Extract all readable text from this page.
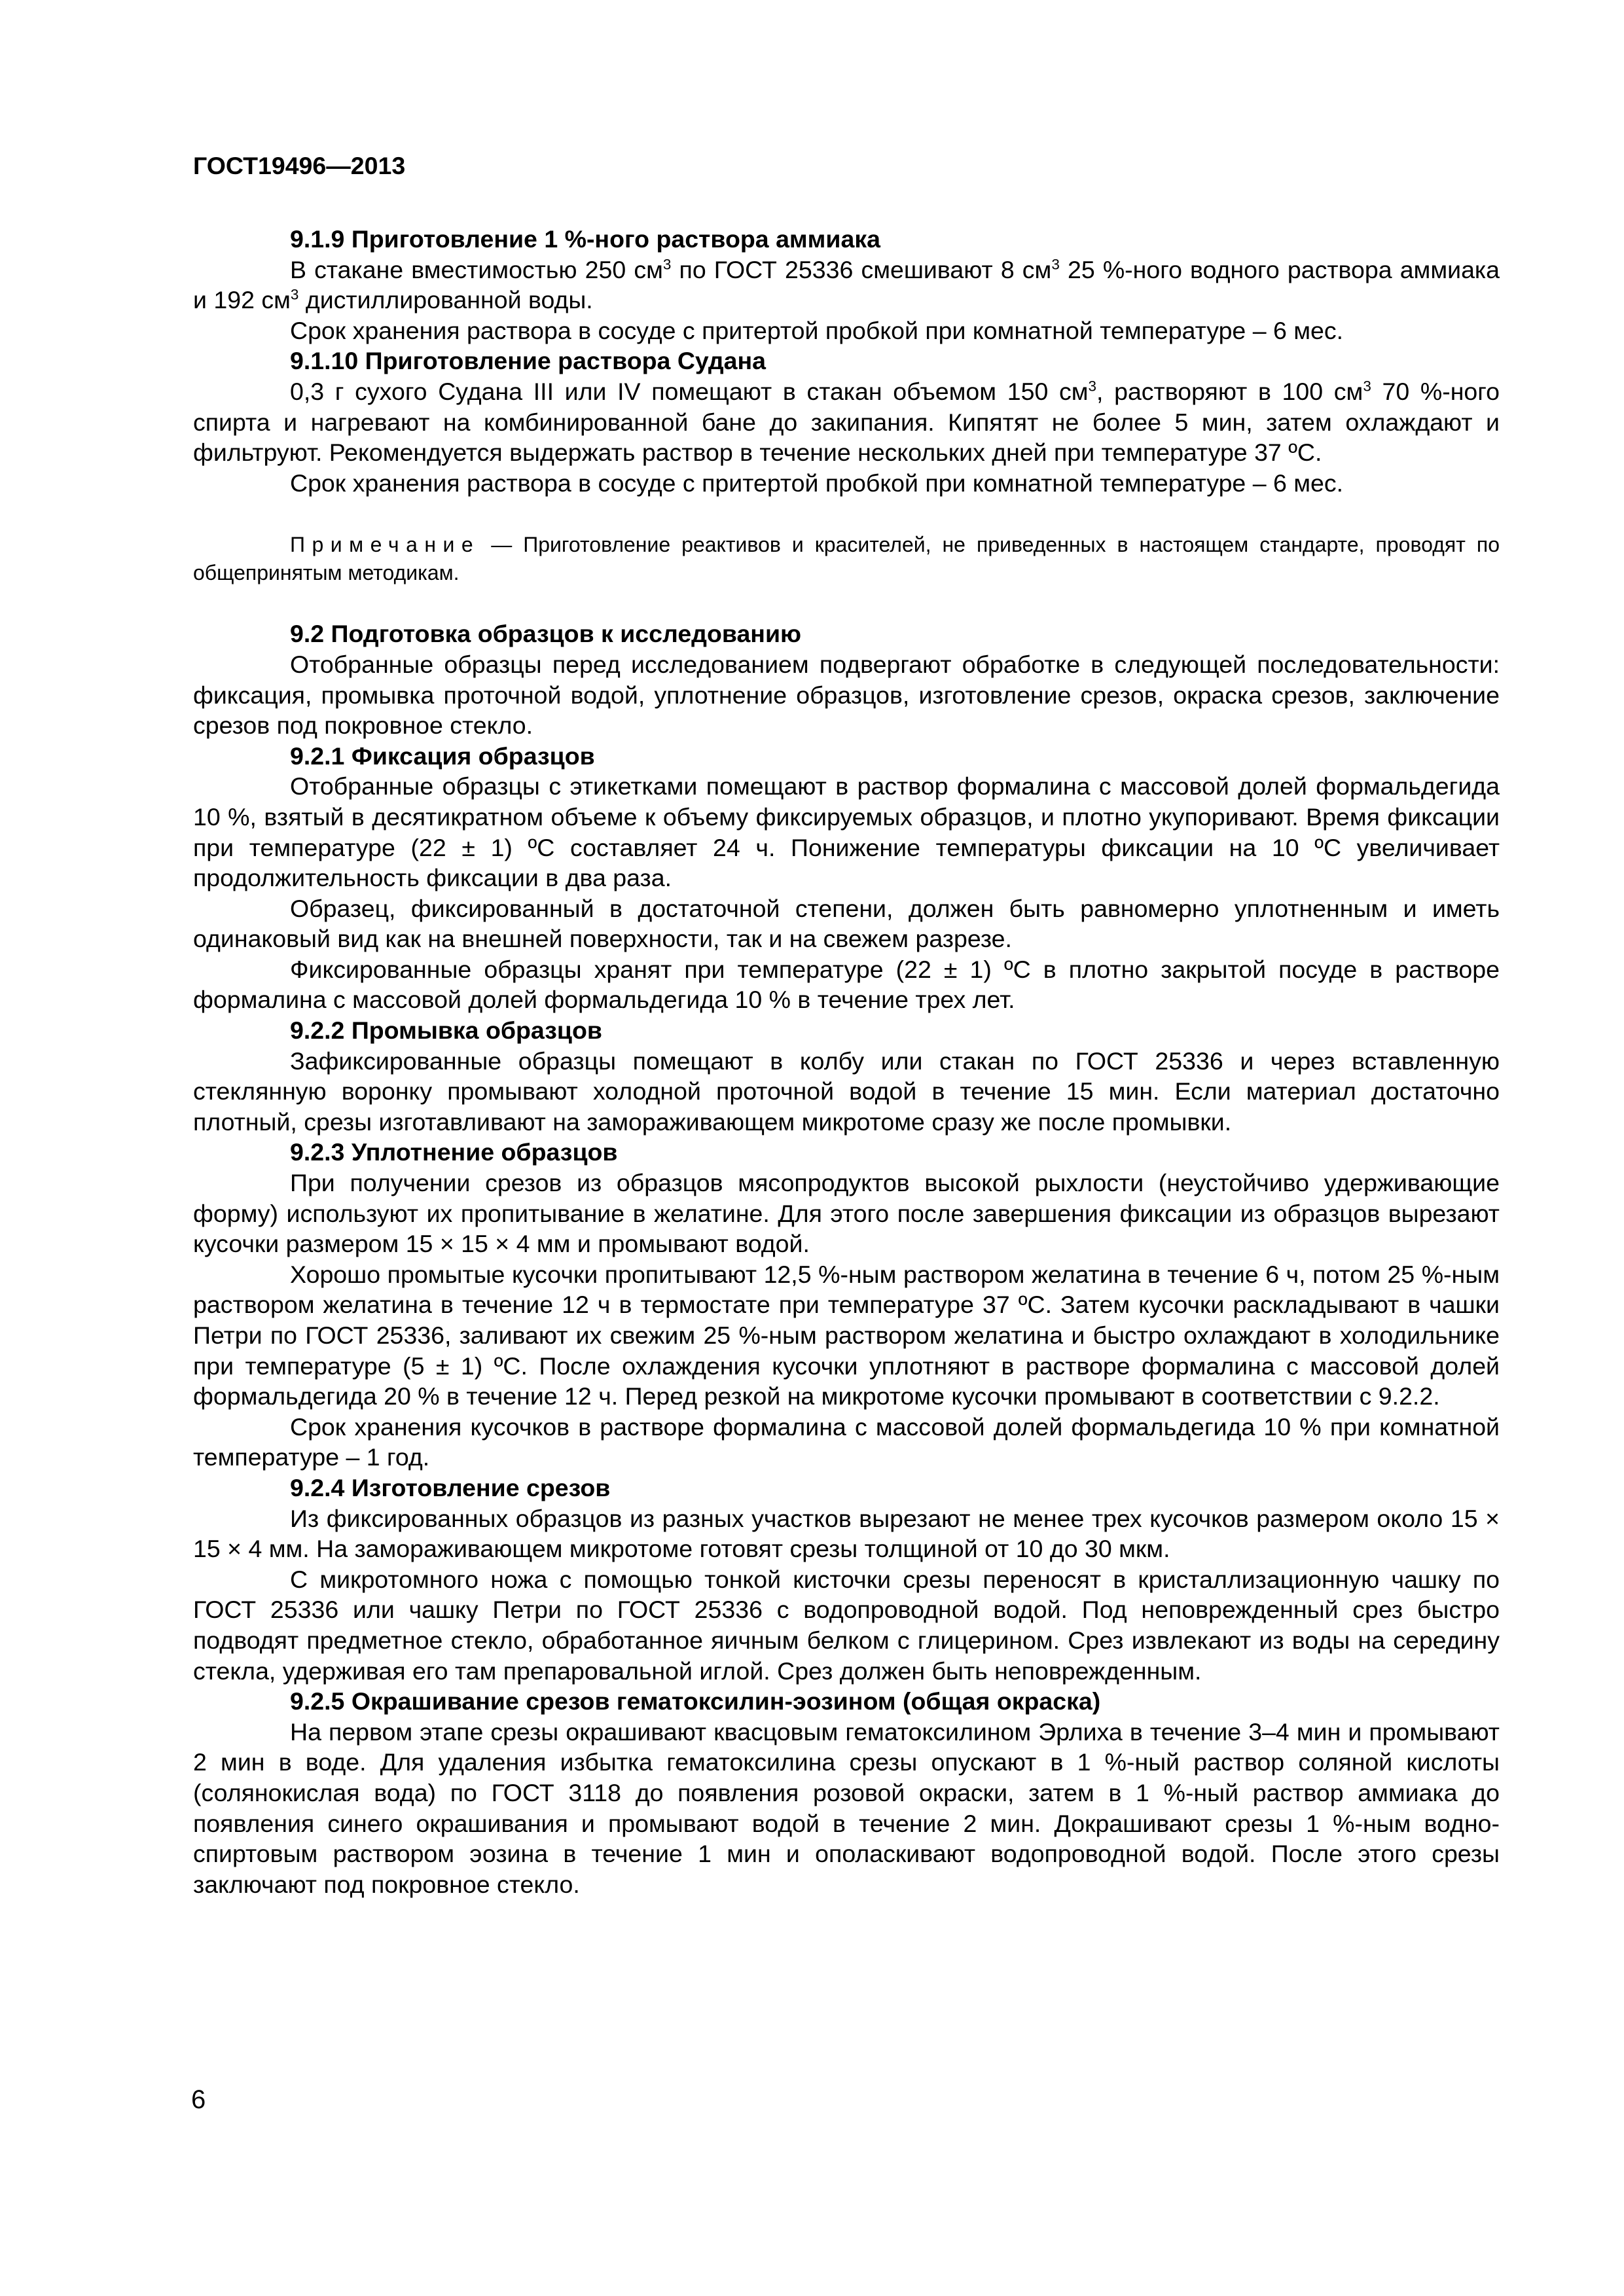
ГОСТ19496—2013
9.1.9 Приготовление 1 %-ного раствора аммиака

В стакане вместимостью 250 $см^3$ по ГОСТ 25336 смешивают 8 $см^3$ 25 %-ного водного раствора аммиака и 192 $см^3$ дистиллированной воды.

Срок хранения раствора в сосуде с притертой пробкой при комнатной температуре – 6 мес.

9.1.10 Приготовление раствора Судана

0,3 г сухого Судана III или IV помещают в стакан объемом 150 $см^3$, растворяют в 100 $см^3$ 70 %-ного спирта и нагревают на комбинированной бане до закипания. Кипятят не более 5 мин, затем охлаждают и фильтруют. Рекомендуется выдержать раствор в течение нескольких дней при температуре 37 ºС.

Срок хранения раствора в сосуде с притертой пробкой при комнатной температуре – 6 мес.

Примечание — Приготовление реактивов и красителей, не приведенных в настоящем стандарте, проводят по общепринятым методикам.

9.2 Подготовка образцов к исследованию

Отобранные образцы перед исследованием подвергают обработке в следующей последовательности: фиксация, промывка проточной водой, уплотнение образцов, изготовление срезов, окраска срезов, заключение срезов под покровное стекло.

9.2.1 Фиксация образцов

Отобранные образцы с этикетками помещают в раствор формалина с массовой долей формальдегида 10 %, взятый в десятикратном объеме к объему фиксируемых образцов, и плотно укупоривают. Время фиксации при температуре (22 ± 1) ºС составляет 24 ч. Понижение температуры фиксации на 10 ºС увеличивает продолжительность фиксации в два раза.

Образец, фиксированный в достаточной степени, должен быть равномерно уплотненным и иметь одинаковый вид как на внешней поверхности, так и на свежем разрезе.

Фиксированные образцы хранят при температуре (22 ± 1) ºС в плотно закрытой посуде в растворе формалина с массовой долей формальдегида 10 % в течение трех лет.

9.2.2 Промывка образцов

Зафиксированные образцы помещают в колбу или стакан по ГОСТ 25336 и через вставленную стеклянную воронку промывают холодной проточной водой в течение 15 мин. Если материал достаточно плотный, срезы изготавливают на замораживающем микротоме сразу же после промывки.

9.2.3 Уплотнение образцов

При получении срезов из образцов мясопродуктов высокой рыхлости (неустойчиво удерживающие форму) используют их пропитывание в желатине. Для этого после завершения фиксации из образцов вырезают кусочки размером 15 × 15 × 4 мм и промывают водой.

Хорошо промытые кусочки пропитывают 12,5 %-ным раствором желатина в течение 6 ч, потом 25 %-ным раствором желатина в течение 12 ч в термостате при температуре 37 ºС. Затем кусочки раскладывают в чашки Петри по ГОСТ 25336, заливают их свежим 25 %-ным раствором желатина и быстро охлаждают в холодильнике при температуре (5 ± 1) ºС. После охлаждения кусочки уплотняют в растворе формалина с массовой долей формальдегида 20 % в течение 12 ч. Перед резкой на микротоме кусочки промывают в соответствии с 9.2.2.

Срок хранения кусочков в растворе формалина с массовой долей формальдегида 10 % при комнатной температуре – 1 год.

9.2.4 Изготовление срезов

Из фиксированных образцов из разных участков вырезают не менее трех кусочков размером около 15 × 15 × 4 мм. На замораживающем микротоме готовят срезы толщиной от 10 до 30 мкм.

С микротомного ножа с помощью тонкой кисточки срезы переносят в кристаллизационную чашку по ГОСТ 25336 или чашку Петри по ГОСТ 25336 с водопроводной водой. Под неповрежденный срез быстро подводят предметное стекло, обработанное яичным белком с глицерином. Срез извлекают из воды на середину стекла, удерживая его там препаровальной иглой. Срез должен быть неповрежденным.

9.2.5 Окрашивание срезов гематоксилин-эозином (общая окраска)

На первом этапе срезы окрашивают квасцовым гематоксилином Эрлиха в течение 3–4 мин и промывают 2 мин в воде. Для удаления избытка гематоксилина срезы опускают в 1 %-ный раствор соляной кислоты (солянокислая вода) по ГОСТ 3118 до появления розовой окраски, затем в 1 %-ный раствор аммиака до появления синего окрашивания и промывают водой в течение 2 мин. Докрашивают срезы 1 %-ным водно-спиртовым раствором эозина в течение 1 мин и ополаскивают водопроводной водой. После этого срезы заключают под покровное стекло.

6
